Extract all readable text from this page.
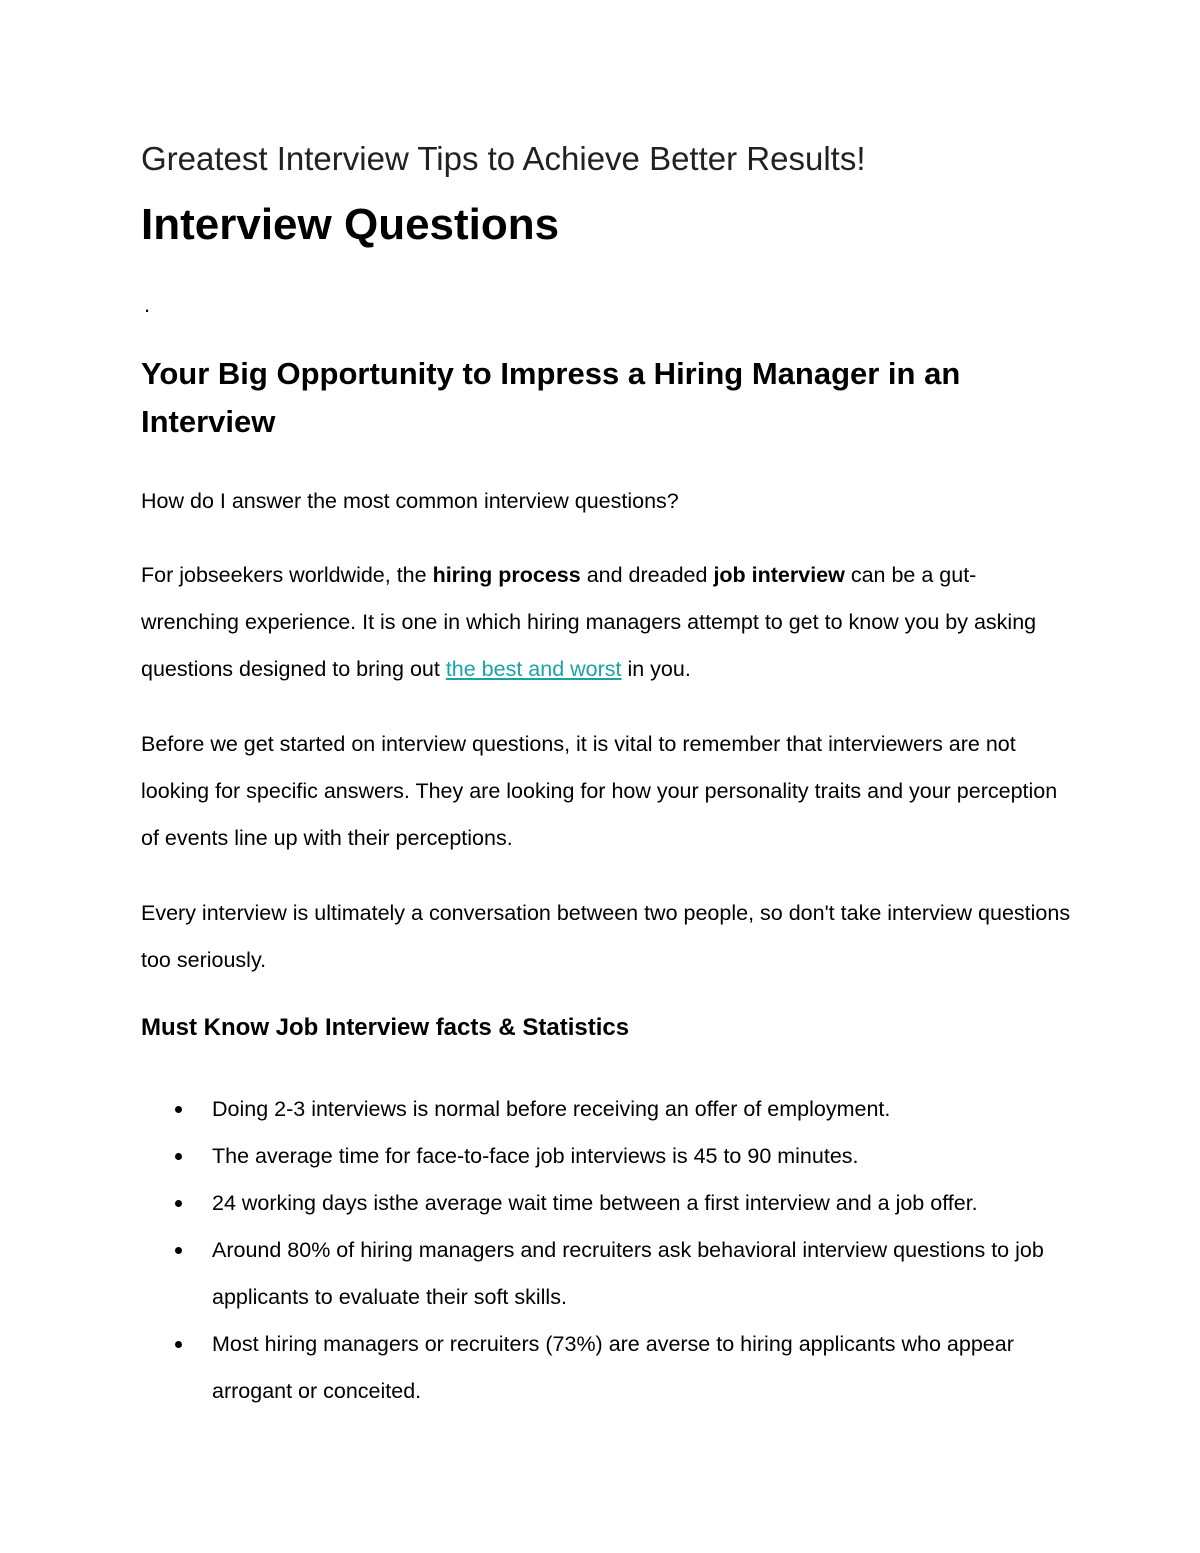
Greatest Interview Tips to Achieve Better Results!
Interview Questions
.
Your Big Opportunity to Impress a Hiring Manager in an Interview
How do I answer the most common interview questions?
For jobseekers worldwide, the hiring process and dreaded job interview can be a gut-wrenching experience. It is one in which hiring managers attempt to get to know you by asking questions designed to bring out the best and worst in you.
Before we get started on interview questions, it is vital to remember that interviewers are not looking for specific answers. They are looking for how your personality traits and your perception of events line up with their perceptions.
Every interview is ultimately a conversation between two people, so don't take interview questions too seriously.
Must Know Job Interview facts & Statistics
Doing 2-3 interviews is normal before receiving an offer of employment.
The average time for face-to-face job interviews is 45 to 90 minutes.
24 working days isthe average wait time between a first interview and a job offer.
Around 80% of hiring managers and recruiters ask behavioral interview questions to job applicants to evaluate their soft skills.
Most hiring managers or recruiters (73%) are averse to hiring applicants who appear arrogant or conceited.
